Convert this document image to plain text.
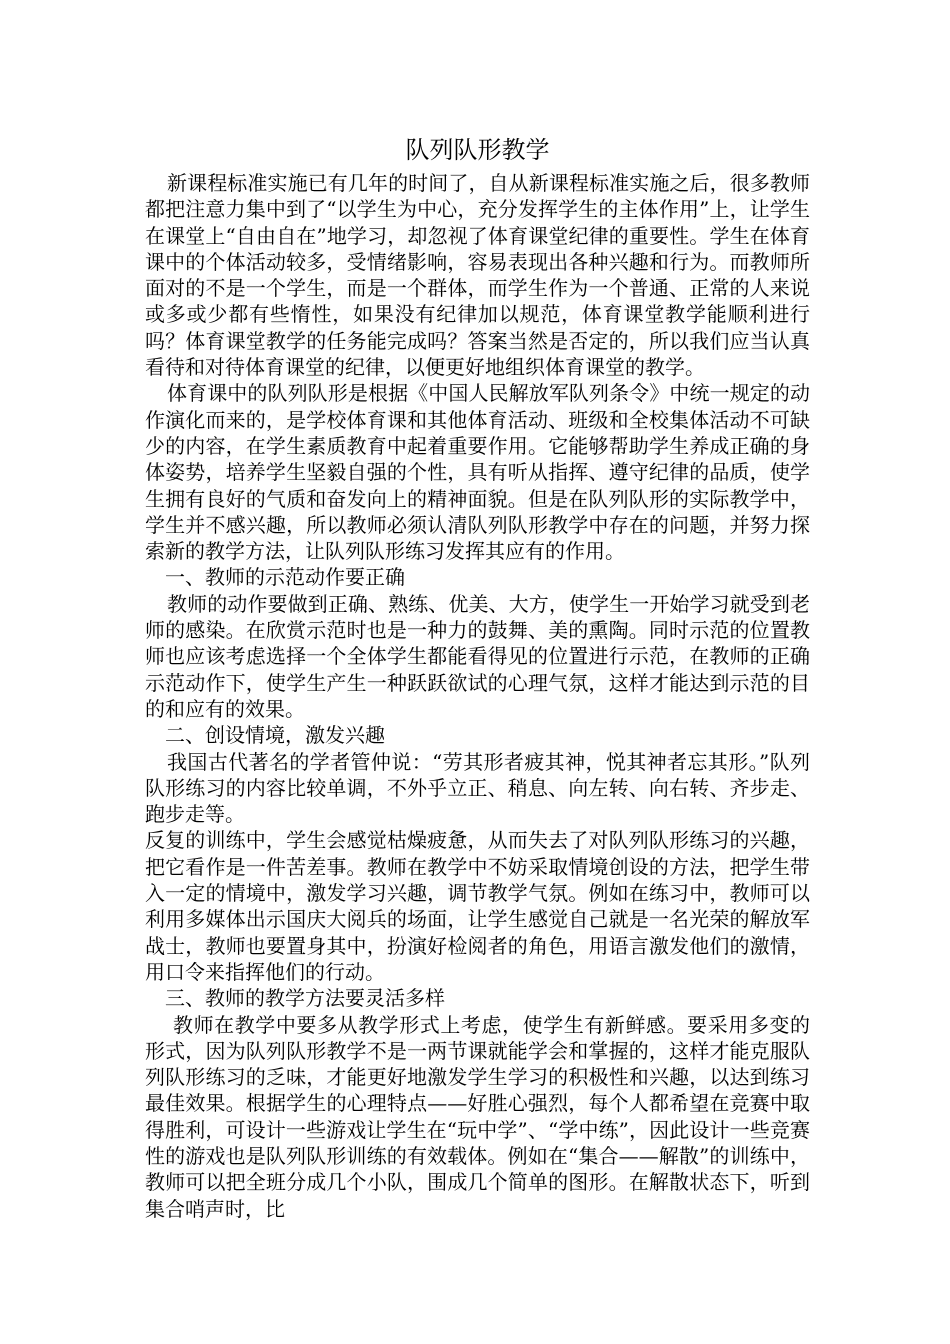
队列队形教学

新课程标准实施已有几年的时间了，自从新课程标准实施之后，很多教师都把注意力集中到了“以学生为中心，充分发挥学生的主体作用”上，让学生在课堂上“自由自在”地学习，却忽视了体育课堂纪律的重要性。学生在体育课中的个体活动较多，受情绪影响，容易表现出各种兴趣和行为。而教师所面对的不是一个学生，而是一个群体，而学生作为一个普通、正常的人来说或多或少都有些惰性，如果没有纪律加以规范，体育课堂教学能顺利进行吗？体育课堂教学的任务能完成吗？答案当然是否定的，所以我们应当认真看待和对待体育课堂的纪律，以便更好地组织体育课堂的教学。

体育课中的队列队形是根据《中国人民解放军队列条令》中统一规定的动作演化而来的，是学校体育课和其他体育活动、班级和全校集体活动不可缺少的内容，在学生素质教育中起着重要作用。它能够帮助学生养成正确的身体姿势，培养学生坚毅自强的个性，具有听从指挥、遵守纪律的品质，使学生拥有良好的气质和奋发向上的精神面貌。但是在队列队形的实际教学中，学生并不感兴趣，所以教师必须认清队列队形教学中存在的问题，并努力探索新的教学方法，让队列队形练习发挥其应有的作用。

一、教师的示范动作要正确

教师的动作要做到正确、熟练、优美、大方，使学生一开始学习就受到老师的感染。在欣赏示范时也是一种力的鼓舞、美的熏陶。同时示范的位置教师也应该考虑选择一个全体学生都能看得见的位置进行示范，在教师的正确示范动作下，使学生产生一种跃跃欲试的心理气氛，这样才能达到示范的目的和应有的效果。

二、创设情境，激发兴趣

我国古代著名的学者管仲说：“劳其形者疲其神，悦其神者忘其形。”队列队形练习的内容比较单调，不外乎立正、稍息、向左转、向右转、齐步走、跑步走等。

反复的训练中，学生会感觉枯燥疲惫，从而失去了对队列队形练习的兴趣，把它看作是一件苦差事。教师在教学中不妨采取情境创设的方法，把学生带入一定的情境中，激发学习兴趣，调节教学气氛。例如在练习中，教师可以利用多媒体出示国庆大阅兵的场面，让学生感觉自己就是一名光荣的解放军战士，教师也要置身其中，扮演好检阅者的角色，用语言激发他们的激情，用口令来指挥他们的行动。

三、教师的教学方法要灵活多样

教师在教学中要多从教学形式上考虑，使学生有新鲜感。要采用多变的形式，因为队列队形教学不是一两节课就能学会和掌握的，这样才能克服队列队形练习的乏味，才能更好地激发学生学习的积极性和兴趣，以达到练习最佳效果。根据学生的心理特点——好胜心强烈，每个人都希望在竞赛中取得胜利，可设计一些游戏让学生在“玩中学”、“学中练”，因此设计一些竞赛性的游戏也是队列队形训练的有效载体。例如在“集合——解散”的训练中，教师可以把全班分成几个小队，围成几个简单的图形。在解散状态下，听到集合哨声时，比
